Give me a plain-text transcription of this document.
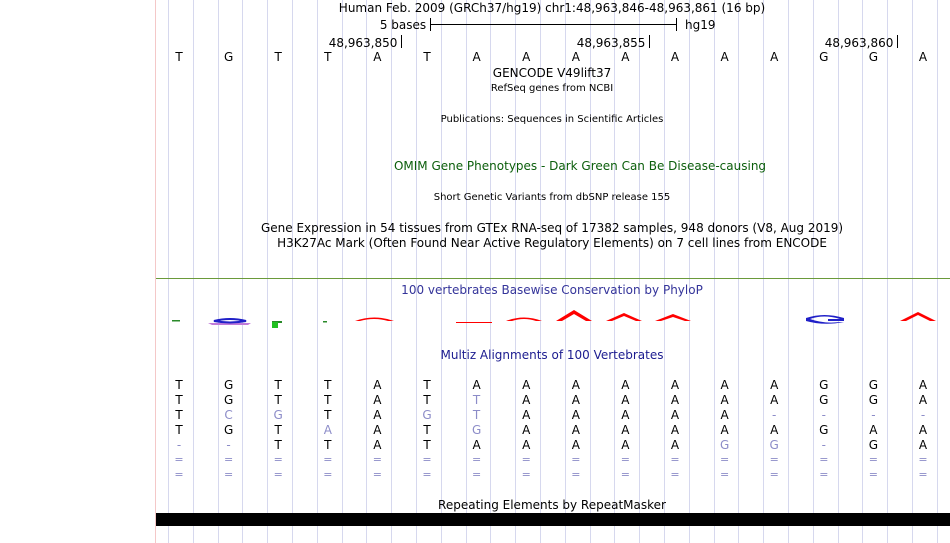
Human Feb. 2009 (GRCh37/hg19) chr1:48,963,846-48,963,861 (16 bp)
5 bases	hg19
48,963,850	48,963,855	48,963,860
T	G	T	T	A	T	A	A	A	A	A	A	A	G	G	A
GENCODE V49lift37
RefSeq genes from NCBI
Publications: Sequences in Scientific Articles
OMIM Gene Phenotypes - Dark Green Can Be Disease-causing
Short Genetic Variants from dbSNP release 155
Gene Expression in 54 tissues from GTEx RNA-seq of 17382 samples, 948 donors (V8, Aug 2019)
H3K27Ac Mark (Often Found Near Active Regulatory Elements) on 7 cell lines from ENCODE
100 vertebrates Basewise Conservation by PhyloP
Multiz Alignments of 100 Vertebrates
T	G	T	T	A	T	A	A	A	A	A	A	A	G	G	A
T	G	T	T	A	T	T	A	A	A	A	A	A	G	G	A
T	C	G	T	A	G	T	A	A	A	A	A	-	-	-	-
T	G	T	A	A	T	G	A	A	A	A	A	A	G	A	A
-	-	T	T	A	T	A	A	A	A	A	G	G	-	G	A
=	=	=	=	=	=	=	=	=	=	=	=	=	=	=	=
=	=	=	=	=	=	=	=	=	=	=	=	=	=	=	=
Repeating Elements by RepeatMasker
